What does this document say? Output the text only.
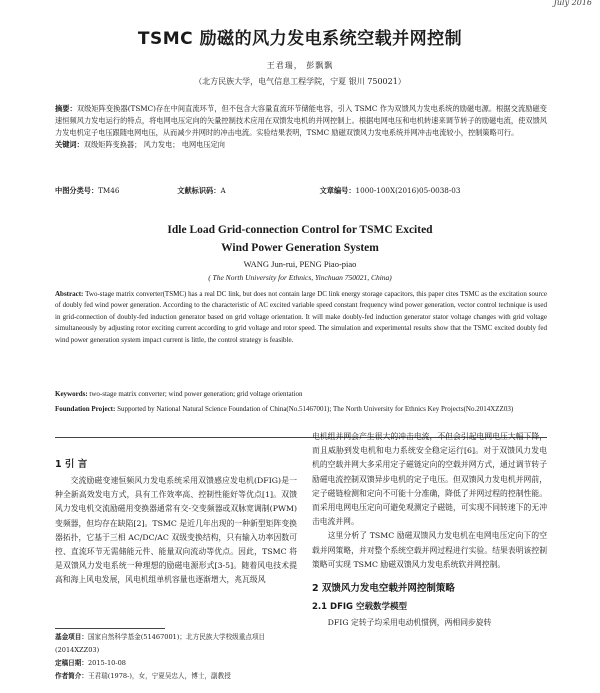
July 2016
TSMC 励磁的风力发电系统空载并网控制
王君瑞， 彭飘飘
（北方民族大学，电气信息工程学院，宁夏 银川 750021）
摘要：双级矩阵变换器(TSMC)存在中间直流环节，但不包含大容量直流环节储能电容，引入 TSMC 作为双馈风力发电系统的励磁电源。根据交流励磁变速恒频风力发电运行的特点，将电网电压定向的矢量控制技术应用在双馈发电机的并网控制上。根据电网电压和电机转速来调节转子的励磁电流，使双馈风力发电机定子电压跟随电网电压，从而减少并网时的冲击电流。实验结果表明，TSMC 励磁双馈风力发电系统并网冲击电流较小，控制策略可行。
关键词：双级矩阵变换器； 风力发电； 电网电压定向
中图分类号：TM46	文献标识码：A	文章编号：1000-100X(2016)05-0038-03
Idle Load Grid-connection Control for TSMC Excited
Wind Power Generation System
WANG Jun-rui, PENG Piao-piao
( The North University for Ethnics, Yinchuan 750021, China)
Abstract: Two-stage matrix converter(TSMC) has a real DC link, but does not contain large DC link energy storage capacitors, this paper cites TSMC as the excitation source of doubly fed wind power generation. According to the characteristic of AC excited variable speed constant frequency wind power generation, vector control technique is used in grid-connection of doubly-fed induction generator based on grid voltage orientation. It will make doubly-fed induction generator stator voltage changes with grid voltage simultaneously by adjusting rotor exciting current according to grid voltage and rotor speed. The simulation and experimental results show that the TSMC excited doubly fed wind power generation system impact current is little, the control strategy is feasible.
Keywords: two-stage matrix converter; wind power generation; grid voltage orientation
Foundation Project: Supported by National Natural Science Foundation of China(No.51467001); The North University for Ethnics Key Projects(No.2014XZZ03)
1 引 言

交流励磁变速恒频风力发电系统采用双馈感应发电机(DFIG)是一种全新高效发电方式，具有工作效率高、控制性能好等优点[1]。双馈风力发电机交流励磁用变换器通常有交-交变频器或双脉宽调制(PWM)变频器，但均存在缺陷[2]。TSMC 是近几年出现的一种新型矩阵变换器拓扑，它基于三相 AC/DC/AC 双级变换结构，只有输入功率因数可控、直流环节无需储能元件、能量双向流动等优点。因此，TSMC 将是双馈风力发电系统一种理想的励磁电源形式[3-5]。随着风电技术提高和海上风电发展，风电机组单机容量也逐渐增大，兆瓦级风

电机组并网会产生很大的冲击电流，不但会引起电网电压大幅下降，而且威胁到发电机和电力系统安全稳定运行[6]。对于双馈风力发电机的空载并网大多采用定子磁链定向的空载并网方式，通过调节转子励磁电流控制双馈异步电机的定子电压。但双馈风力发电机并网前，定子磁链检测和定向不可能十分准确，降低了并网过程的控制性能。而采用电网电压定向可避免观测定子磁链，可实现不同转速下的无冲击电流并网。

这里分析了 TSMC 励磁双馈风力发电机在电网电压定向下的空载并网策略，并对整个系统空载并网过程进行实验。结果表明该控制策略可实现 TSMC 励磁双馈风力发电系统软并网控制。

2 双馈风力发电空载并网控制策略
2.1 DFIG 空载数学模型

DFIG 定转子均采用电动机惯例，两相同步旋转

基金项目：国家自然科学基金(51467001)；北方民族大学校级重点项目(2014XZZ03)
定稿日期：2015-10-08
作者简介：王君瑞(1978-)，女，宁夏吴忠人，博士，副教授
